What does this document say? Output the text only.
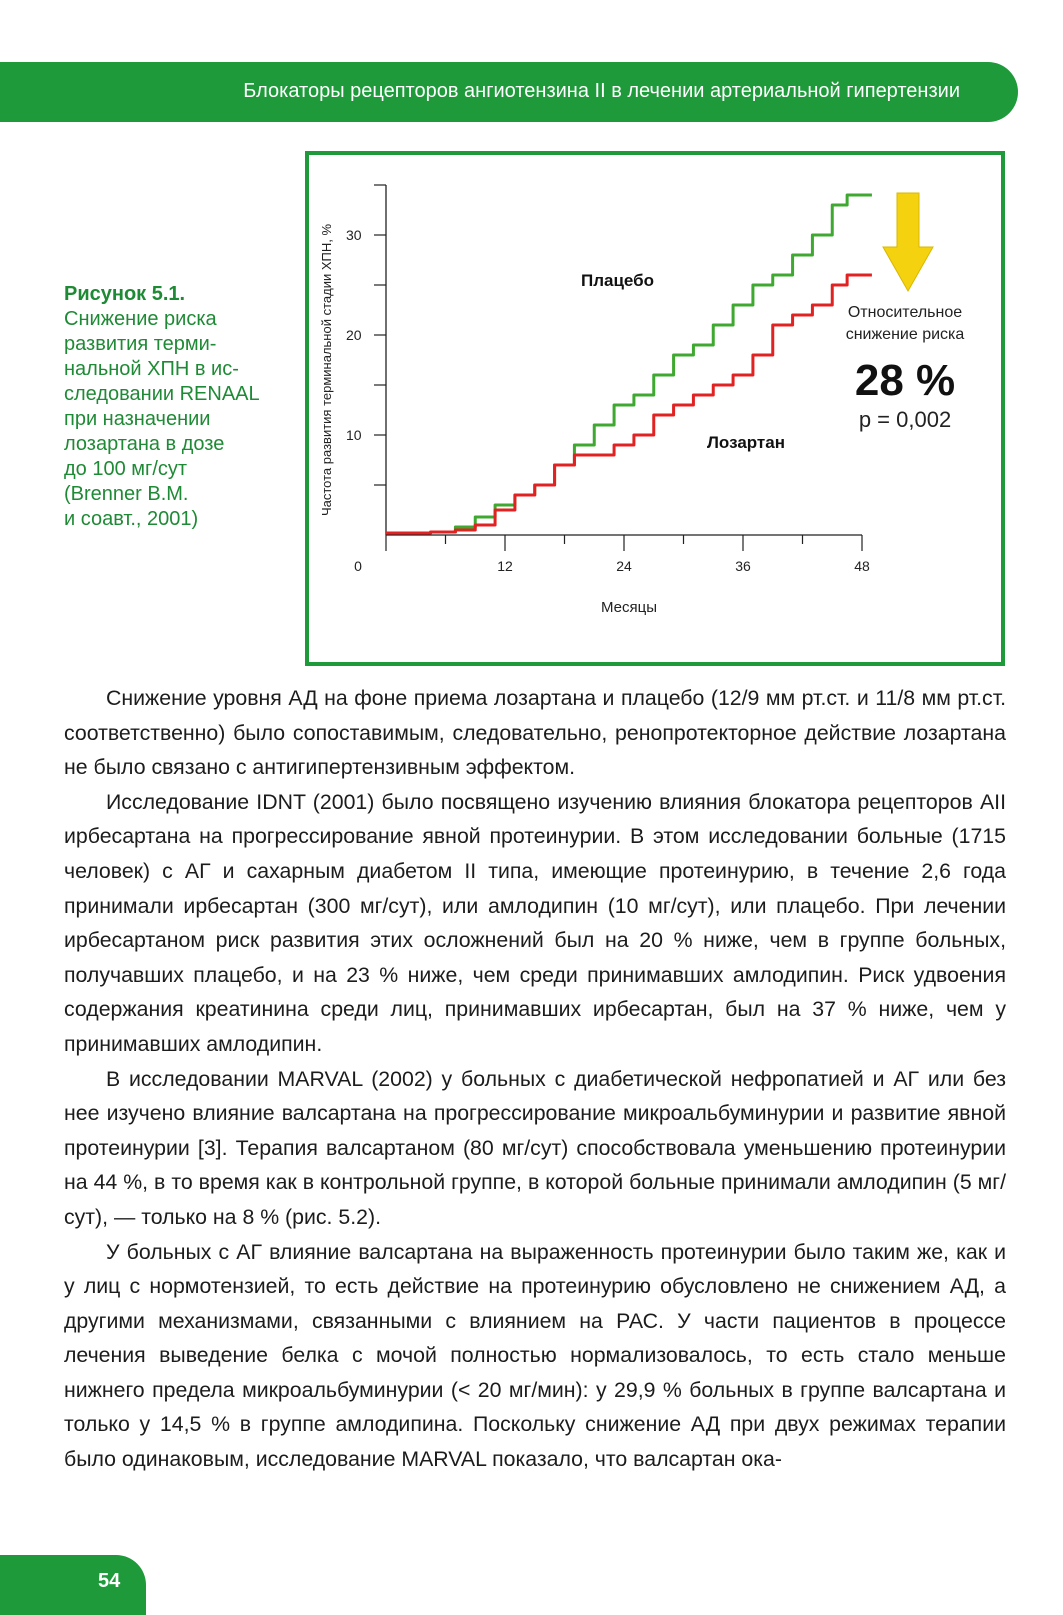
Блокаторы рецепторов ангиотензина II в лечении артериальной гипертензии
Рисунок 5.1.
Снижение риска
развития терми-
нальной ХПН в ис-
следовании RENAAL
при назначении
лозартана в дозе
до 100 мг/сут
(Brenner B.M.
и соавт., 2001)
10
20
30
0	12	24	36	48
Месяцы
Частота развития терминальной стадии ХПН, %	Плацебо
Лозартан
Относительное
снижение риска
28 %
p = 0,002

Снижение уровня АД на фоне приема лозартана и плацебо (12/9 мм рт.ст. и 11/8 мм рт.ст. соответственно) было сопоставимым, следовательно, ренопротекторное действие лозартана не было связано с антигипертензивным эффектом.

Исследование IDNT (2001) было посвящено изучению влияния блокатора рецепторов АII ирбесартана на прогрессирование явной протеинурии. В этом исследовании больные (1715 человек) с АГ и сахарным диабетом II типа, имеющие протеинурию, в течение 2,6 года принимали ирбесартан (300 мг/сут), или амлодипин (10 мг/сут), или плацебо. При лечении ирбесартаном риск развития этих осложнений был на 20 % ниже, чем в группе больных, получавших плацебо, и на 23 % ниже, чем среди принимавших амлодипин. Риск удвоения содержания креатинина среди лиц, принимавших ирбесартан, был на 37 % ниже, чем у принимавших амлодипин.

В исследовании MARVAL (2002) у больных с диабетической нефропатией и АГ или без нее изучено влияние валсартана на прогрессирование микроальбуминурии и развитие явной протеинурии [3]. Терапия валсартаном (80 мг/сут) способствовала уменьшению протеинурии на 44 %, в то время как в контрольной группе, в которой больные принимали амлодипин (5 мг/сут), — только на 8 % (рис. 5.2).

У больных с АГ влияние валсартана на выраженность протеинурии было таким же, как и у лиц с нормотензией, то есть действие на протеинурию обусловлено не снижением АД, а другими механизмами, связанными с влиянием на РАС. У части пациентов в процессе лечения выведение белка с мочой полностью нормализовалось, то есть стало меньше нижнего предела микроальбуминурии (< 20 мг/мин): у 29,9 % больных в группе валсартана и только у 14,5 % в группе амлодипина. Поскольку снижение АД при двух режимах терапии было одинаковым, исследование MARVAL показало, что валсартан ока-

54
